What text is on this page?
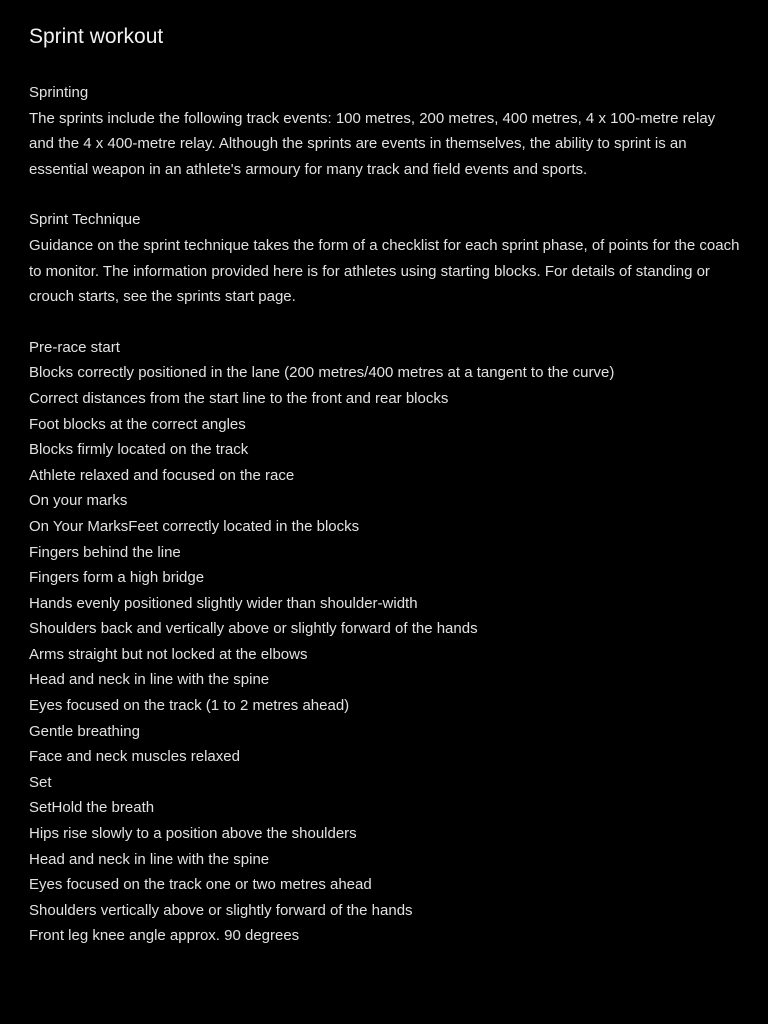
Sprint workout

Sprinting

The sprints include the following track events: 100 metres, 200 metres, 400 metres, 4 x 100-metre relay and the 4 x 400-metre relay. Although the sprints are events in themselves, the ability to sprint is an essential weapon in an athlete's armoury for many track and field events and sports.

Sprint Technique

Guidance on the sprint technique takes the form of a checklist for each sprint phase, of points for the coach to monitor. The information provided here is for athletes using starting blocks. For details of standing or crouch starts, see the sprints start page.

Pre-race start

Blocks correctly positioned in the lane (200 metres/400 metres at a tangent to the curve)
Correct distances from the start line to the front and rear blocks
Foot blocks at the correct angles
Blocks firmly located on the track
Athlete relaxed and focused on the race
On your marks
On Your MarksFeet correctly located in the blocks
Fingers behind the line
Fingers form a high bridge
Hands evenly positioned slightly wider than shoulder-width
Shoulders back and vertically above or slightly forward of the hands
Arms straight but not locked at the elbows
Head and neck in line with the spine
Eyes focused on the track (1 to 2 metres ahead)
Gentle breathing
Face and neck muscles relaxed
Set
SetHold the breath
Hips rise slowly to a position above the shoulders
Head and neck in line with the spine
Eyes focused on the track one or two metres ahead
Shoulders vertically above or slightly forward of the hands
Front leg knee angle approx. 90 degrees
